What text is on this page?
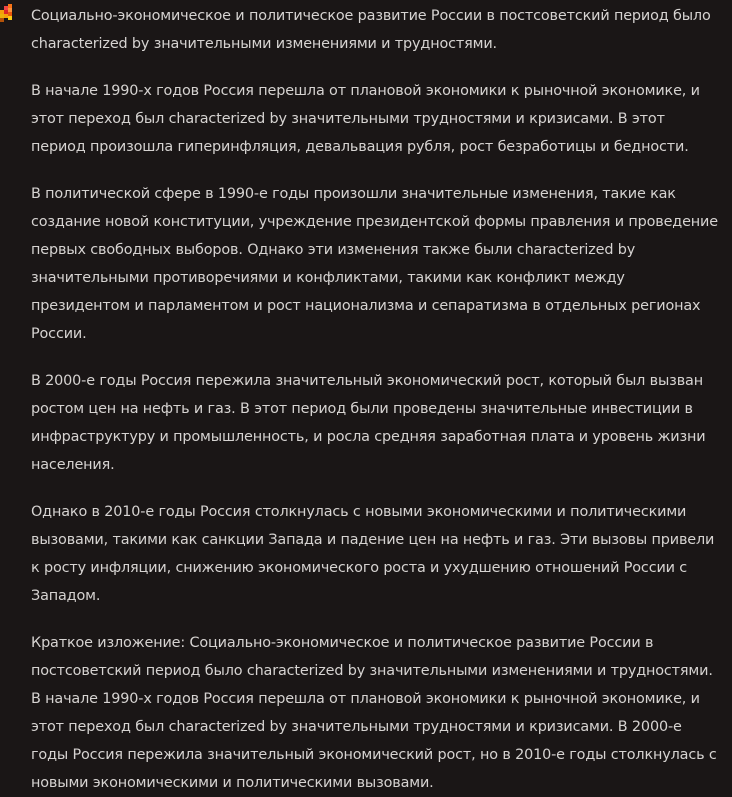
Социально-экономическое и политическое развитие России в постсоветский период было characterized by значительными изменениями и трудностями.

В начале 1990-х годов Россия перешла от плановой экономики к рыночной экономике, и этот переход был characterized by значительными трудностями и кризисами. В этот период произошла гиперинфляция, девальвация рубля, рост безработицы и бедности.

В политической сфере в 1990-е годы произошли значительные изменения, такие как создание новой конституции, учреждение президентской формы правления и проведение первых свободных выборов. Однако эти изменения также были characterized by значительными противоречиями и конфликтами, такими как конфликт между президентом и парламентом и рост национализма и сепаратизма в отдельных регионах России.

В 2000-е годы Россия пережила значительный экономический рост, который был вызван ростом цен на нефть и газ. В этот период были проведены значительные инвестиции в инфраструктуру и промышленность, и росла средняя заработная плата и уровень жизни населения.

Однако в 2010-е годы Россия столкнулась с новыми экономическими и политическими вызовами, такими как санкции Запада и падение цен на нефть и газ. Эти вызовы привели к росту инфляции, снижению экономического роста и ухудшению отношений России с Западом.

Краткое изложение: Социально-экономическое и политическое развитие России в постсоветский период было characterized by значительными изменениями и трудностями. В начале 1990-х годов Россия перешла от плановой экономики к рыночной экономике, и этот переход был characterized by значительными трудностями и кризисами. В 2000-е годы Россия пережила значительный экономический рост, но в 2010-е годы столкнулась с новыми экономическими и политическими вызовами.
